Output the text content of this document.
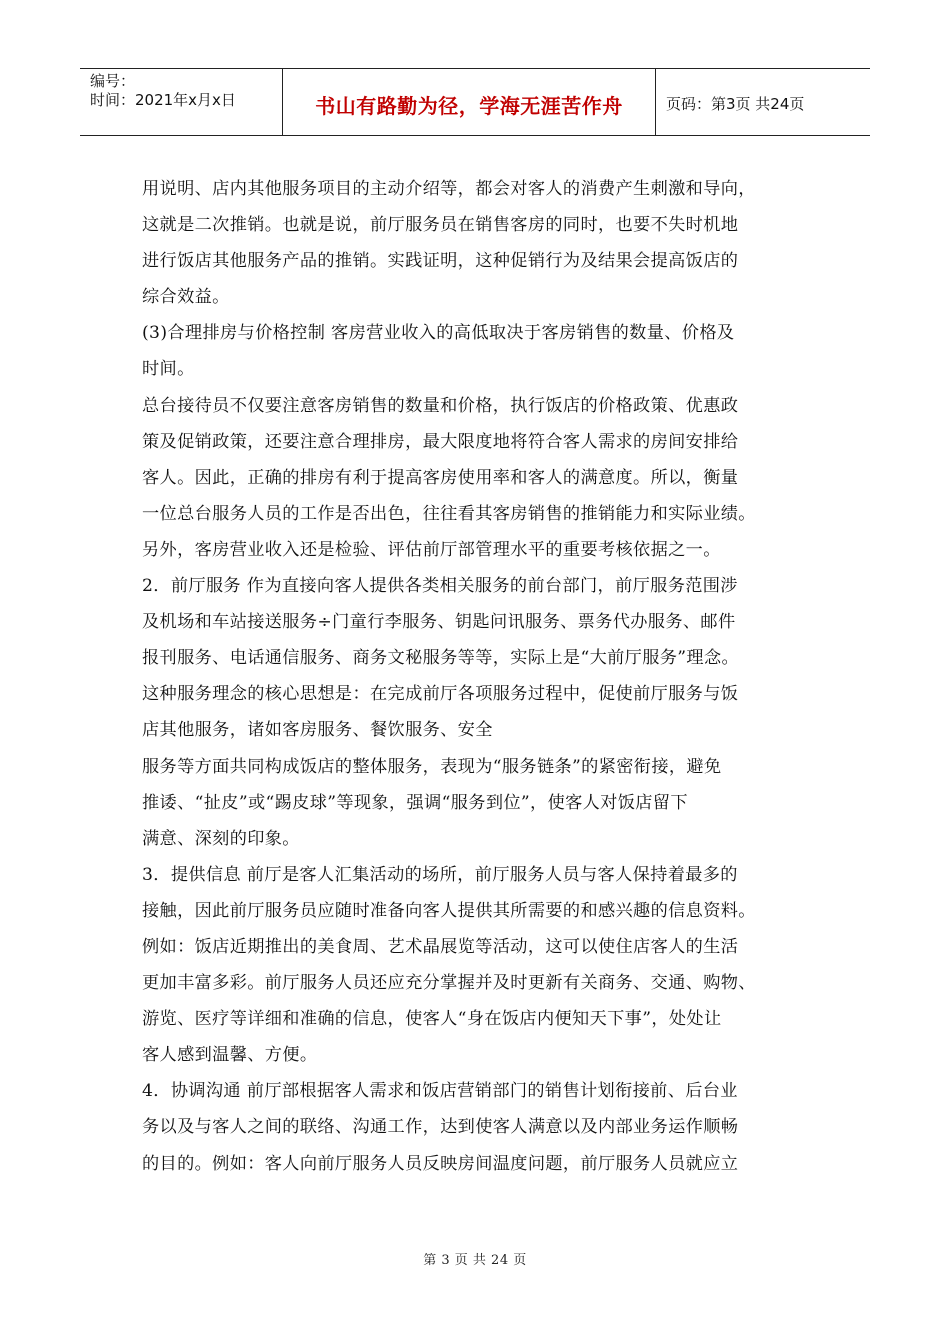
编号：
时间：2021年x月x日	书山有路勤为径，学海无涯苦作舟	页码：第3页 共24页
用说明、店内其他服务项目的主动介绍等，都会对客人的消费产生刺激和导向，
这就是二次推销。也就是说，前厅服务员在销售客房的同时，也要不失时机地
进行饭店其他服务产品的推销。实践证明，这种促销行为及结果会提高饭店的
综合效益。
(3)合理排房与价格控制 客房营业收入的高低取决于客房销售的数量、价格及
时间。
总台接待员不仅要注意客房销售的数量和价格，执行饭店的价格政策、优惠政
策及促销政策，还要注意合理排房，最大限度地将符合客人需求的房间安排给
客人。因此，正确的排房有利于提高客房使用率和客人的满意度。所以，衡量
一位总台服务人员的工作是否出色，往往看其客房销售的推销能力和实际业绩。
另外，客房营业收入还是检验、评估前厅部管理水平的重要考核依据之一。
2．前厅服务 作为直接向客人提供各类相关服务的前台部门，前厅服务范围涉
及机场和车站接送服务÷门童行李服务、钥匙问讯服务、票务代办服务、邮件
报刊服务、电话通信服务、商务文秘服务等等，实际上是“大前厅服务”理念。
这种服务理念的核心思想是：在完成前厅各项服务过程中，促使前厅服务与饭
店其他服务，诸如客房服务、餐饮服务、安全
服务等方面共同构成饭店的整体服务，表现为“服务链条”的紧密衔接，避免
推诿、“扯皮”或“踢皮球”等现象，强调“服务到位”，使客人对饭店留下
满意、深刻的印象。
3．提供信息 前厅是客人汇集活动的场所，前厅服务人员与客人保持着最多的
接触，因此前厅服务员应随时准备向客人提供其所需要的和感兴趣的信息资料。
例如：饭店近期推出的美食周、艺术晶展览等活动，这可以使住店客人的生活
更加丰富多彩。前厅服务人员还应充分掌握并及时更新有关商务、交通、购物、
游览、医疗等详细和准确的信息，使客人“身在饭店内便知天下事”，处处让
客人感到温馨、方便。
4．协调沟通 前厅部根据客人需求和饭店营销部门的销售计划衔接前、后台业
务以及与客人之间的联络、沟通工作，达到使客人满意以及内部业务运作顺畅
的目的。例如：客人向前厅服务人员反映房间温度问题，前厅服务人员就应立
第 3 页 共 24 页
